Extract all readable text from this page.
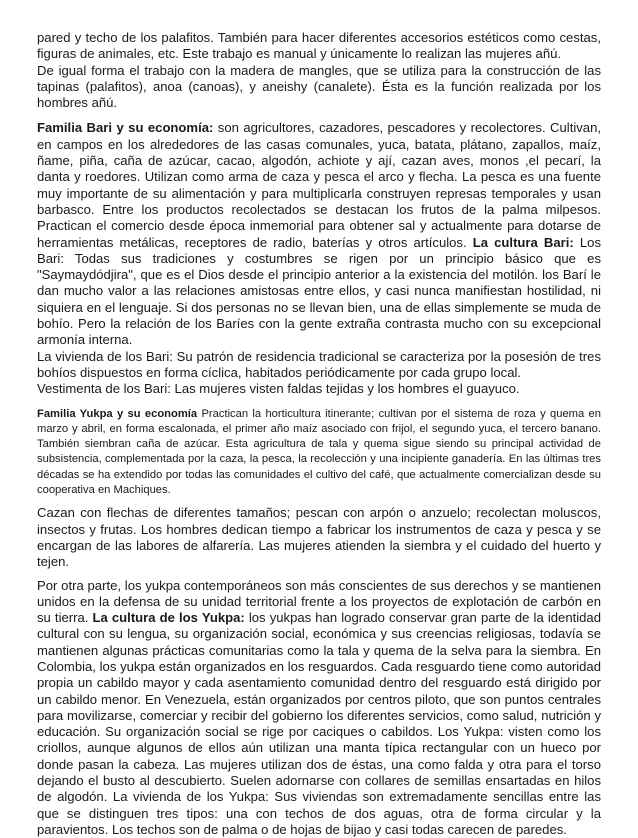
pared y techo de los palafitos. También para hacer diferentes accesorios estéticos como cestas, figuras de animales, etc. Este trabajo es manual y únicamente lo realizan las mujeres añú.

De igual forma el trabajo con la madera de mangles, que se utiliza para la construcción de las tapinas (palafitos), anoa (canoas), y aneishy (canalete). Ésta es la función realizada por los hombres añú.

Familia Bari y su economía: son agricultores, cazadores, pescadores y recolectores. Cultivan, en campos en los alrededores de las casas comunales, yuca, batata, plátano, zapallos, maíz, ñame, piña, caña de azúcar, cacao, algodón, achiote y ají, cazan aves, monos ,el pecarí, la danta y roedores. Utilizan como arma de caza y pesca el arco y flecha. La pesca es una fuente muy importante de su alimentación y para multiplicarla construyen represas temporales y usan barbasco. Entre los productos recolectados se destacan los frutos de la palma milpesos. Practican el comercio desde época inmemorial para obtener sal y actualmente para dotarse de herramientas metálicas, receptores de radio, baterías y otros artículos. La cultura Bari: Los Bari: Todas sus tradiciones y costumbres se rigen por un principio básico que es "Saymaydódjira", que es el Dios desde el principio anterior a la existencia del motilón. los Barí le dan mucho valor a las relaciones amistosas entre ellos, y casi nunca manifiestan hostilidad, ni siquiera en el lenguaje. Si dos personas no se llevan bien, una de ellas simplemente se muda de bohío. Pero la relación de los Baríes con la gente extraña contrasta mucho con su excepcional armonía interna.

La vivienda de los Bari: Su patrón de residencia tradicional se caracteriza por la posesión de tres bohíos dispuestos en forma cíclica, habitados periódicamente por cada grupo local.

Vestimenta de los Bari: Las mujeres visten faldas tejidas y los hombres el guayuco.

Familia Yukpa y su economía Practican la horticultura itinerante; cultivan por el sistema de roza y quema en marzo y abril, en forma escalonada, el primer año maíz asociado con frijol, el segundo yuca, el tercero banano. También siembran caña de azúcar. Esta agricultura de tala y quema sigue siendo su principal actividad de subsistencia, complementada por la caza, la pesca, la recolección y una incipiente ganadería. En las últimas tres décadas se ha extendido por todas las comunidades el cultivo del café, que actualmente comercializan desde su cooperativa en Machiques.

Cazan con flechas de diferentes tamaños; pescan con arpón o anzuelo; recolectan moluscos, insectos y frutas. Los hombres dedican tiempo a fabricar los instrumentos de caza y pesca y se encargan de las labores de alfarería. Las mujeres atienden la siembra y el cuidado del huerto y tejen.

Por otra parte, los yukpa contemporáneos son más conscientes de sus derechos y se mantienen unidos en la defensa de su unidad territorial frente a los proyectos de explotación de carbón en su tierra. La cultura de los Yukpa: los yukpas han logrado conservar gran parte de la identidad cultural con su lengua, su organización social, económica y sus creencias religiosas, todavía se mantienen algunas prácticas comunitarias como la tala y quema de la selva para la siembra. En Colombia, los yukpa están organizados en los resguardos. Cada resguardo tiene como autoridad propia un cabildo mayor y cada asentamiento comunidad dentro del resguardo está dirigido por un cabildo menor. En Venezuela, están organizados por centros piloto, que son puntos centrales para movilizarse, comerciar y recibir del gobierno los diferentes servicios, como salud, nutrición y educación. Su organización social se rige por caciques o cabildos. Los Yukpa: visten como los criollos, aunque algunos de ellos aún utilizan una manta típica rectangular con un hueco por donde pasan la cabeza. Las mujeres utilizan dos de éstas, una como falda y otra para el torso dejando el busto al descubierto. Suelen adornarse con collares de semillas ensartadas en hilos de algodón. La vivienda de los Yukpa: Sus viviendas son extremadamente sencillas entre las que se distinguen tres tipos: una con techos de dos aguas, otra de forma circular y la paravientos. Los techos son de palma o de hojas de bijao y casi todas carecen de paredes.
